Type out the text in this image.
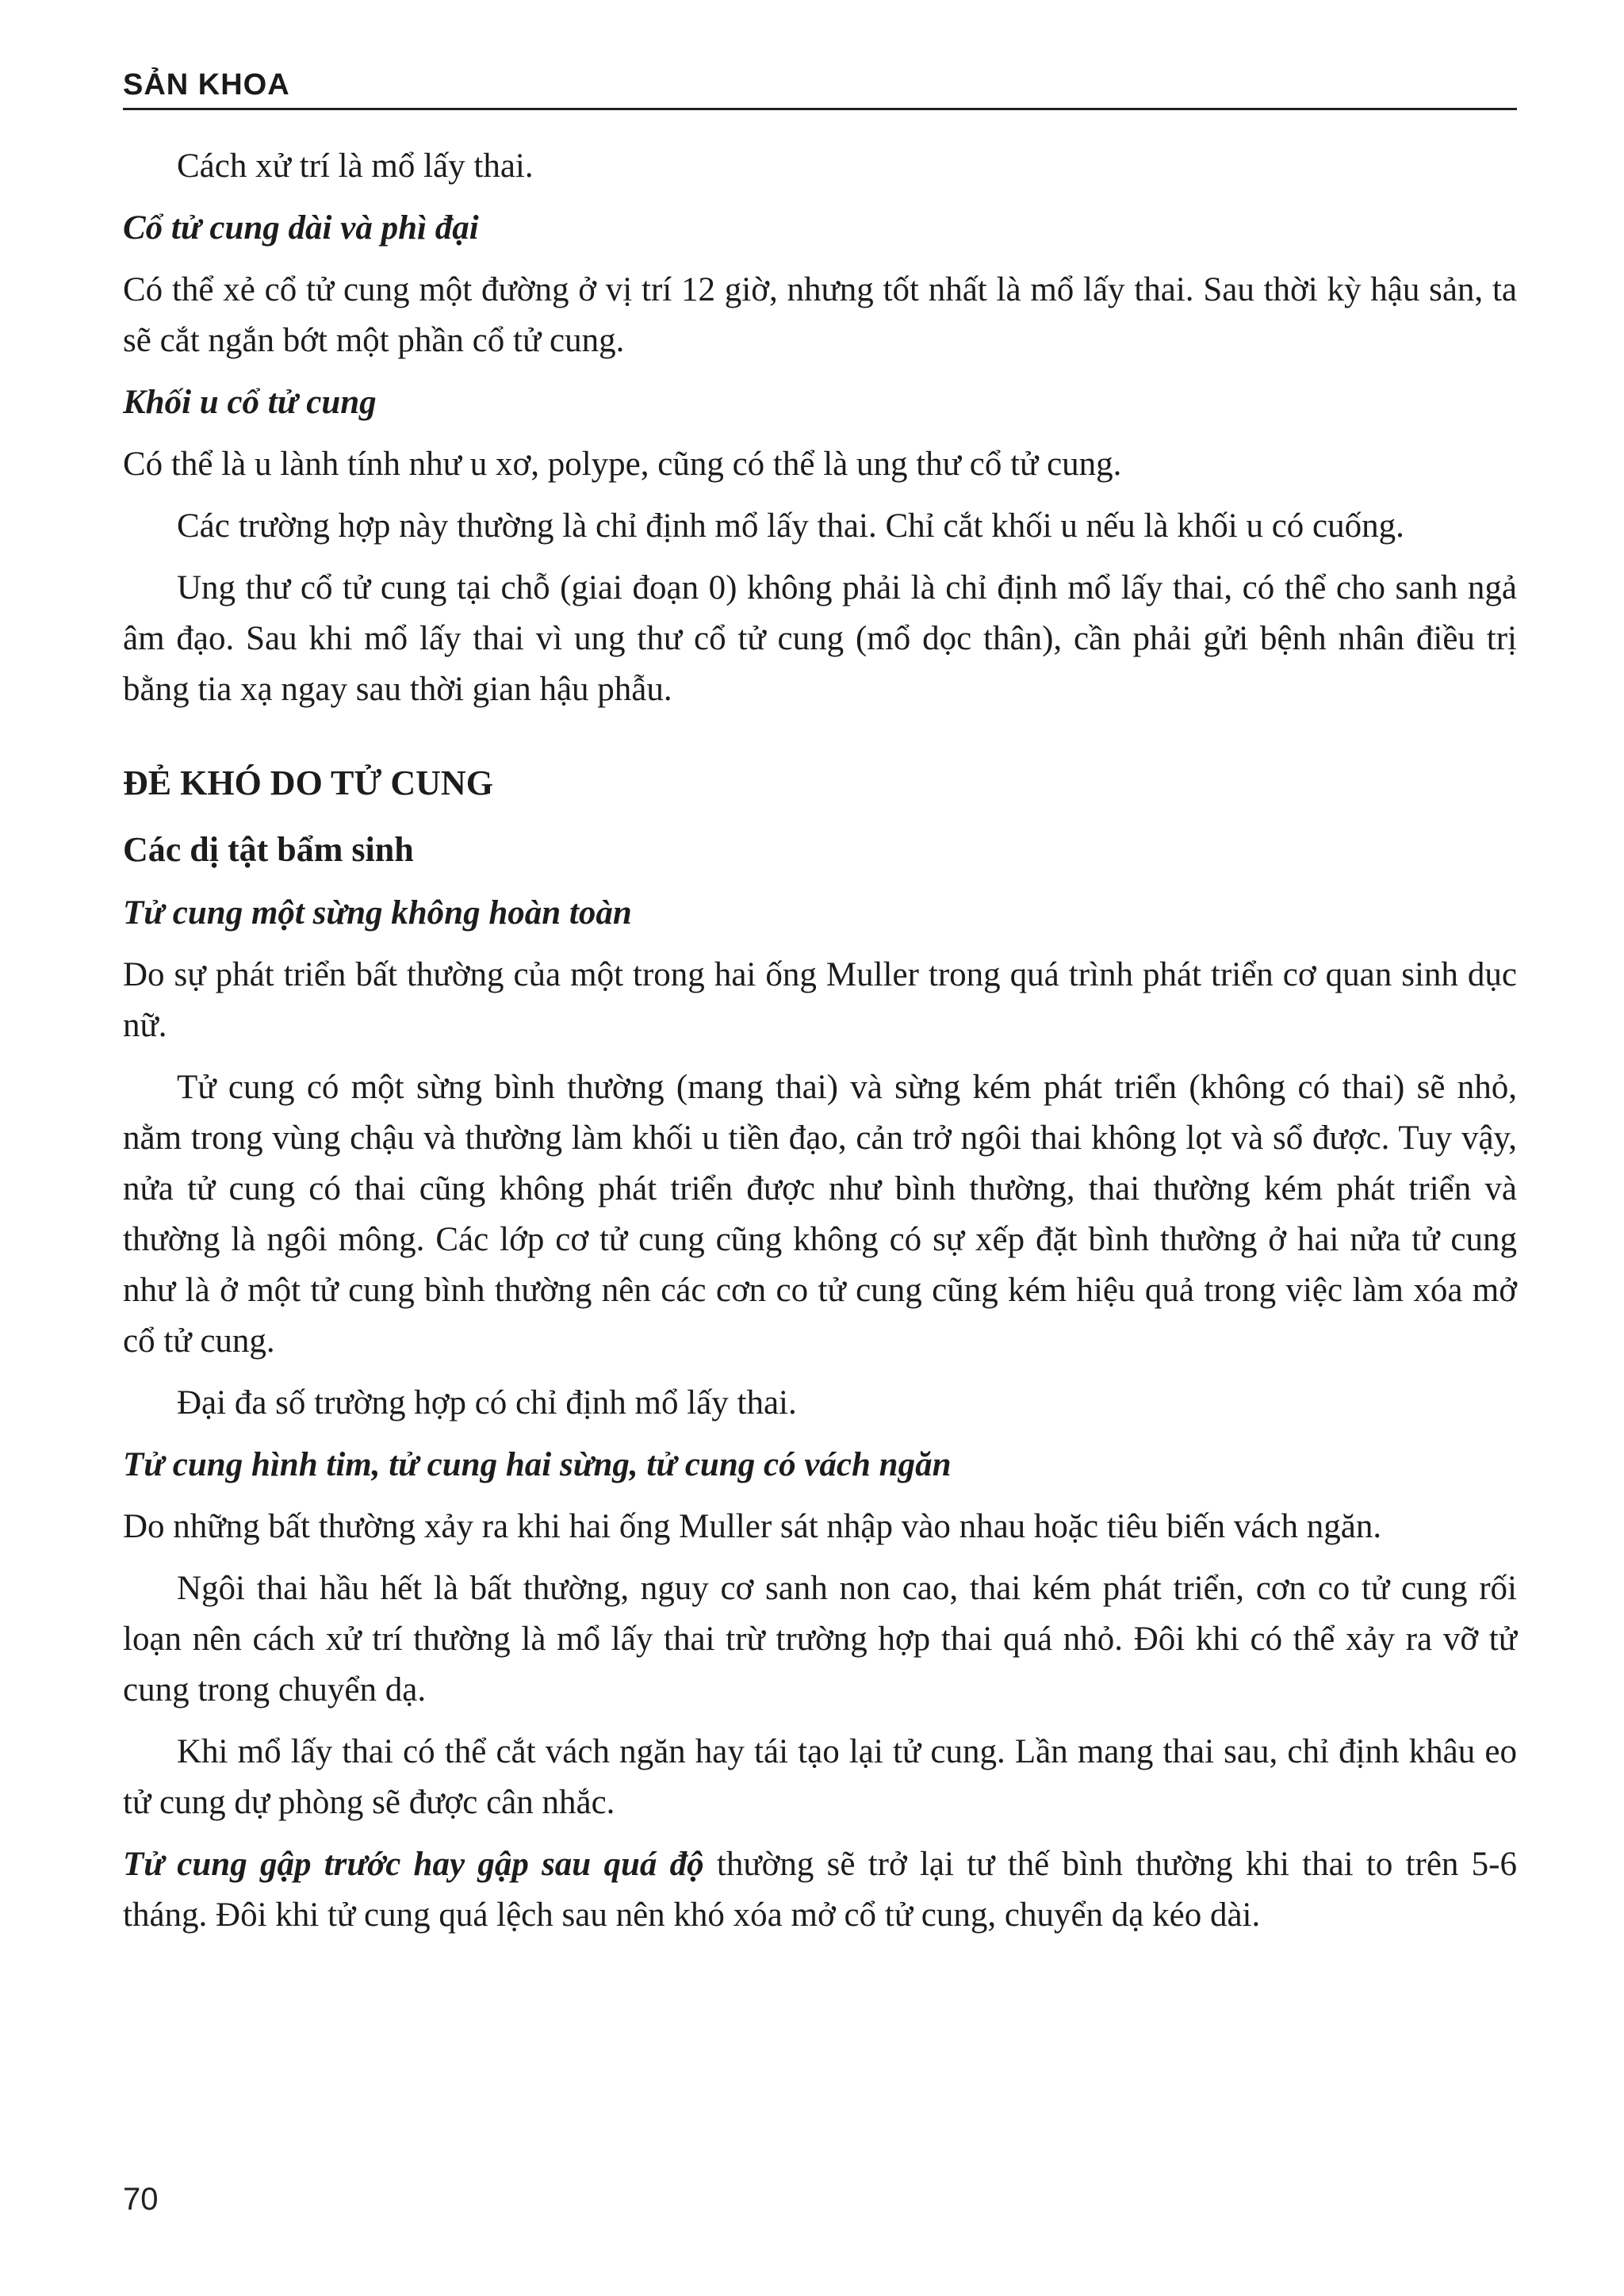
SẢN KHOA

Cách xử trí là mổ lấy thai.

Cổ tử cung dài và phì đại

Có thể xẻ cổ tử cung một đường ở vị trí 12 giờ, nhưng tốt nhất là mổ lấy thai. Sau thời kỳ hậu sản, ta sẽ cắt ngắn bớt một phần cổ tử cung.

Khối u cổ tử cung

Có thể là u lành tính như u xơ, polype, cũng có thể là ung thư cổ tử cung.

Các trường hợp này thường là chỉ định mổ lấy thai. Chỉ cắt khối u nếu là khối u có cuống.

Ung thư cổ tử cung tại chỗ (giai đoạn 0) không phải là chỉ định mổ lấy thai, có thể cho sanh ngả âm đạo. Sau khi mổ lấy thai vì ung thư cổ tử cung (mổ dọc thân), cần phải gửi bệnh nhân điều trị bằng tia xạ ngay sau thời gian hậu phẫu.

ĐẺ KHÓ DO TỬ CUNG
Các dị tật bẩm sinh
Tử cung một sừng không hoàn toàn

Do sự phát triển bất thường của một trong hai ống Muller trong quá trình phát triển cơ quan sinh dục nữ.

Tử cung có một sừng bình thường (mang thai) và sừng kém phát triển (không có thai) sẽ nhỏ, nằm trong vùng chậu và thường làm khối u tiền đạo, cản trở ngôi thai không lọt và sổ được. Tuy vậy, nửa tử cung có thai cũng không phát triển được như bình thường, thai thường kém phát triển và thường là ngôi mông. Các lớp cơ tử cung cũng không có sự xếp đặt bình thường ở hai nửa tử cung như là ở một tử cung bình thường nên các cơn co tử cung cũng kém hiệu quả trong việc làm xóa mở cổ tử cung.

Đại đa số trường hợp có chỉ định mổ lấy thai.

Tử cung hình tim, tử cung hai sừng, tử cung có vách ngăn

Do những bất thường xảy ra khi hai ống Muller sát nhập vào nhau hoặc tiêu biến vách ngăn.

Ngôi thai hầu hết là bất thường, nguy cơ sanh non cao, thai kém phát triển, cơn co tử cung rối loạn nên cách xử trí thường là mổ lấy thai trừ trường hợp thai quá nhỏ. Đôi khi có thể xảy ra vỡ tử cung trong chuyển dạ.

Khi mổ lấy thai có thể cắt vách ngăn hay tái tạo lại tử cung. Lần mang thai sau, chỉ định khâu eo tử cung dự phòng sẽ được cân nhắc.

Tử cung gập trước hay gập sau quá độ thường sẽ trở lại tư thế bình thường khi thai to trên 5-6 tháng. Đôi khi tử cung quá lệch sau nên khó xóa mở cổ tử cung, chuyển dạ kéo dài.

70
